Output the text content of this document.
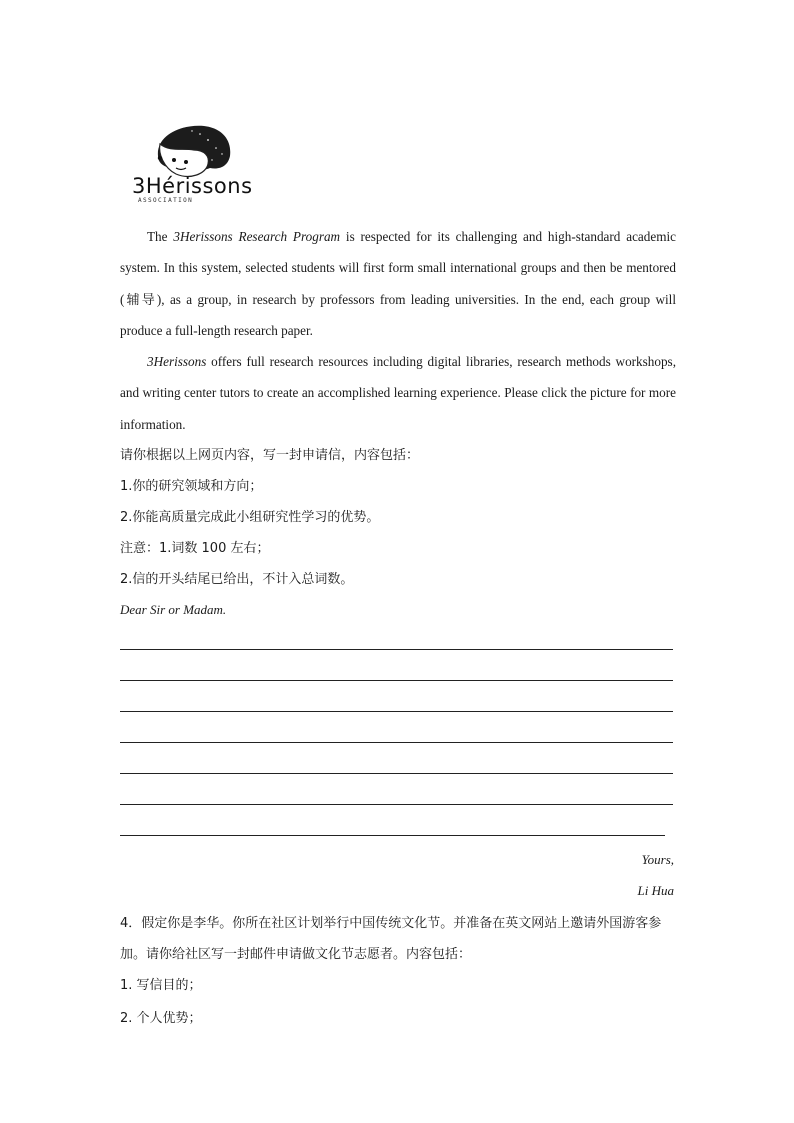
3Hérissons
ASSOCIATION

The 3Herissons Research Program is respected for its challenging and high-standard academic system. In this system, selected students will first form small international groups and then be mentored (辅导), as a group, in research by professors from leading universities. In the end, each group will produce a full-length research paper.

3Herissons offers full research resources including digital libraries, research methods workshops, and writing center tutors to create an accomplished learning experience. Please click the picture for more information.

请你根据以上网页内容，写一封申请信，内容包括：

1.你的研究领域和方向；

2.你能高质量完成此小组研究性学习的优势。

注意：1.词数 100 左右；

2.信的开头结尾已给出，不计入总词数。

Dear Sir or Madam.

Yours,

Li Hua

4．假定你是李华。你所在社区计划举行中国传统文化节。并准备在英文网站上邀请外国游客参加。请你给社区写一封邮件申请做文化节志愿者。内容包括：

1. 写信目的；

2. 个人优势；
